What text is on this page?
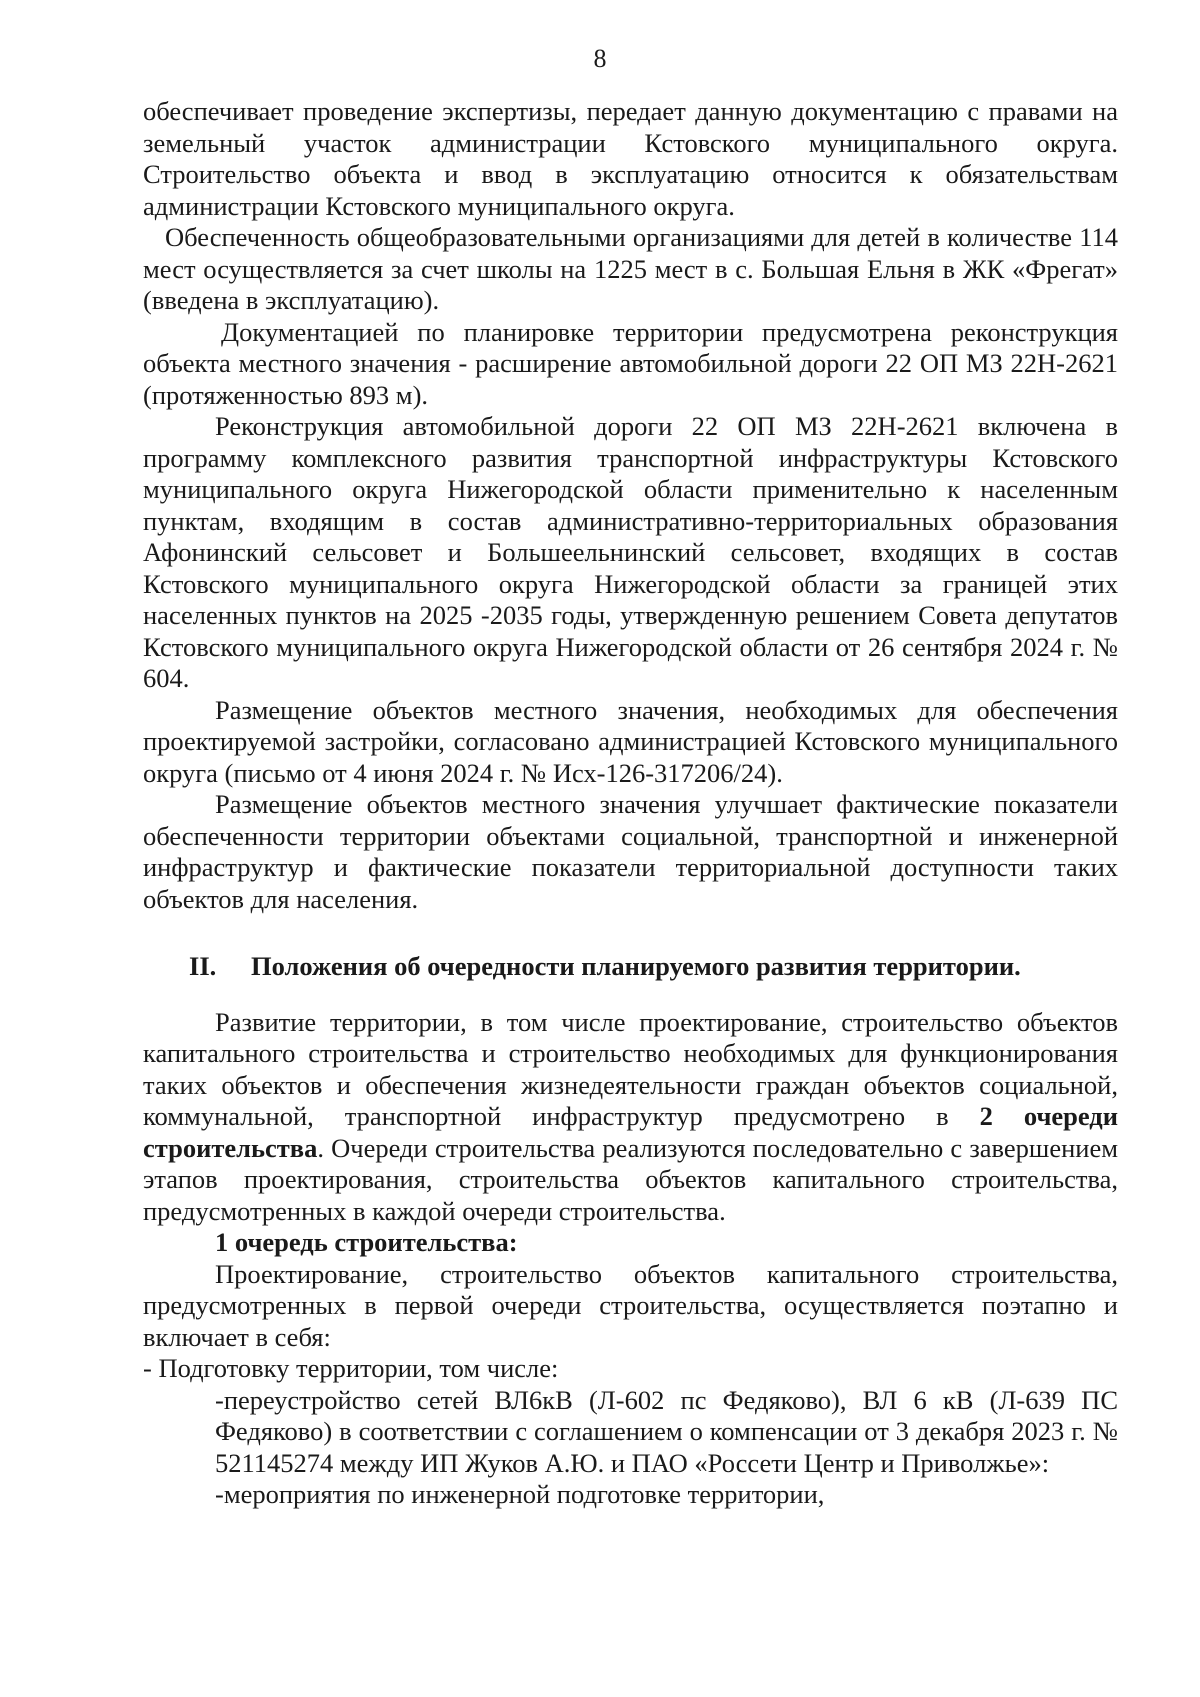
8

обеспечивает проведение экспертизы, передает данную документацию с правами на земельный участок администрации Кстовского муниципального округа. Строительство объекта и ввод в эксплуатацию относится к обязательствам администрации Кстовского муниципального округа.

Обеспеченность общеобразовательными организациями для детей в количестве 114 мест осуществляется за счет школы на 1225 мест в с. Большая Ельня в ЖК «Фрегат» (введена в эксплуатацию).

Документацией по планировке территории предусмотрена реконструкция объекта местного значения - расширение автомобильной дороги 22 ОП МЗ 22Н-2621 (протяженностью 893 м).

Реконструкция автомобильной дороги 22 ОП МЗ 22Н-2621 включена в программу комплексного развития транспортной инфраструктуры Кстовского муниципального округа Нижегородской области применительно к населенным пунктам, входящим в состав административно-территориальных образования Афонинский сельсовет и Большеельнинский сельсовет, входящих в состав Кстовского муниципального округа Нижегородской области за границей этих населенных пунктов на 2025 -2035 годы, утвержденную решением Совета депутатов Кстовского муниципального округа Нижегородской области от 26 сентября 2024 г. № 604.

Размещение объектов местного значения, необходимых для обеспечения проектируемой застройки, согласовано администрацией Кстовского муниципального округа (письмо от 4 июня 2024 г. № Исх-126-317206/24).

Размещение объектов местного значения улучшает фактические показатели обеспеченности территории объектами социальной, транспортной и инженерной инфраструктур и фактические показатели территориальной доступности таких объектов для населения.

II. Положения об очередности планируемого развития территории.

Развитие территории, в том числе проектирование, строительство объектов капитального строительства и строительство необходимых для функционирования таких объектов и обеспечения жизнедеятельности граждан объектов социальной, коммунальной, транспортной инфраструктур предусмотрено в 2 очереди строительства. Очереди строительства реализуются последовательно с завершением этапов проектирования, строительства объектов капитального строительства, предусмотренных в каждой очереди строительства.

1 очередь строительства:

Проектирование, строительство объектов капитального строительства, предусмотренных в первой очереди строительства, осуществляется поэтапно и включает в себя:

- Подготовку территории, том числе:

-переустройство сетей ВЛ6кВ (Л-602 пс Федяково), ВЛ 6 кВ (Л-639 ПС Федяково) в соответствии с соглашением о компенсации от 3 декабря 2023 г. № 521145274 между ИП Жуков А.Ю. и ПАО «Россети Центр и Приволжье»:

-мероприятия по инженерной подготовке территории,
